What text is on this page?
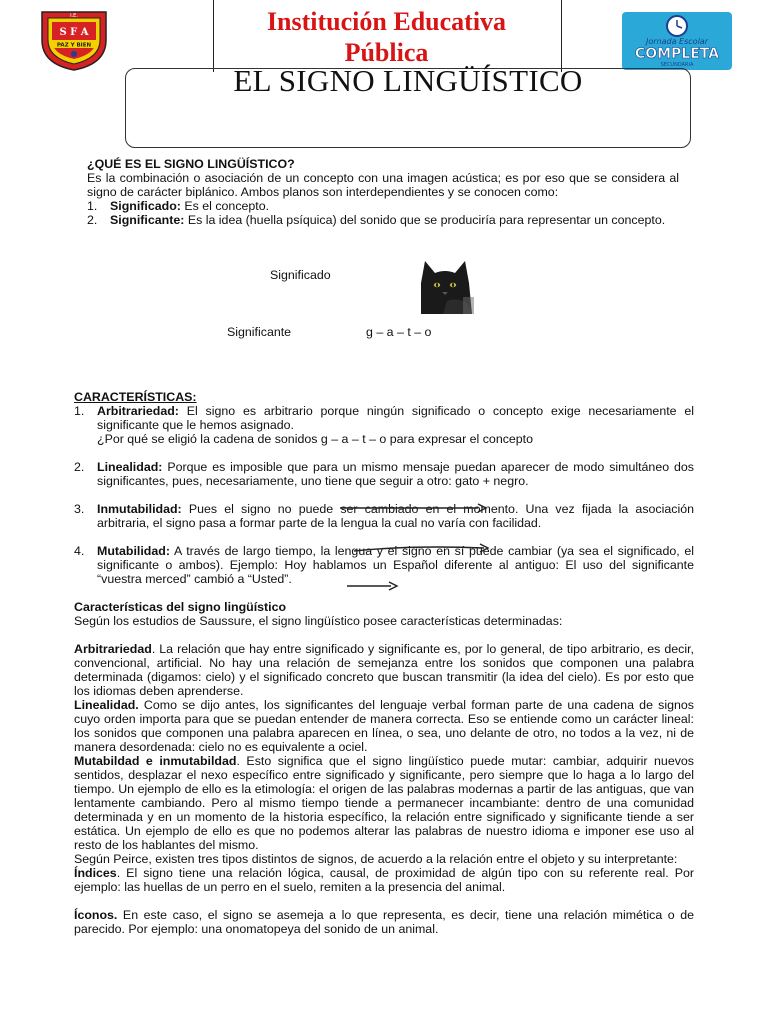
Institución Educativa
Pública
I.E.
S F A
PAZ Y BIEN	Jornada Escolar
COMPLETA
SECUNDARIA
EL SIGNO LINGÜÍSTICO

¿QUÉ ES EL SIGNO LINGÜÍSTICO?

Es la combinación o asociación de un concepto con una imagen acústica; es por eso que se considera al signo de carácter biplánico. Ambos planos son interdependientes y se conocen como:

1. Significado: Es el concepto.
2. Significante: Es la idea (huella psíquica) del sonido que se produciría para representar un concepto.
Significado
Significante	g – a – t – o

CARACTERÍSTICAS:

1. Arbitrariedad: El signo es arbitrario porque ningún significado o concepto exige necesariamente el significante que le hemos asignado.
¿Por qué se eligió la cadena de sonidos g – a – t – o para expresar el concepto
2. Linealidad: Porque es imposible que para un mismo mensaje puedan aparecer de modo simultáneo dos significantes, pues, necesariamente, uno tiene que seguir a otro: gato + negro.
3. Inmutabilidad: Pues el signo no puede ser cambiado en el momento. Una vez fijada la asociación arbitraria, el signo pasa a formar parte de la lengua la cual no varía con facilidad.
4. Mutabilidad: A través de largo tiempo, la lengua y el signo en sí puede cambiar (ya sea el significado, el significante o ambos). Ejemplo: Hoy hablamos un Español diferente al antiguo: El uso del significante “vuestra merced” cambió a “Usted”.

Características del signo lingüístico

Según los estudios de Saussure, el signo lingüístico posee características determinadas:

Arbitrariedad. La relación que hay entre significado y significante es, por lo general, de tipo arbitrario, es decir, convencional, artificial. No hay una relación de semejanza entre los sonidos que componen una palabra determinada (digamos: cielo) y el significado concreto que buscan transmitir (la idea del cielo). Es por esto que los idiomas deben aprenderse.

Linealidad. Como se dijo antes, los significantes del lenguaje verbal forman parte de una cadena de signos cuyo orden importa para que se puedan entender de manera correcta. Eso se entiende como un carácter lineal: los sonidos que componen una palabra aparecen en línea, o sea, uno delante de otro, no todos a la vez, ni de manera desordenada: cielo no es equivalente a ociel.

Mutabildad e inmutabildad. Esto significa que el signo lingüístico puede mutar: cambiar, adquirir nuevos sentidos, desplazar el nexo específico entre significado y significante, pero siempre que lo haga a lo largo del tiempo. Un ejemplo de ello es la etimología: el origen de las palabras modernas a partir de las antiguas, que van lentamente cambiando. Pero al mismo tiempo tiende a permanecer incambiante: dentro de una comunidad determinada y en un momento de la historia específico, la relación entre significado y significante tiende a ser estática. Un ejemplo de ello es que no podemos alterar las palabras de nuestro idioma e imponer ese uso al resto de los hablantes del mismo.

Según Peirce, existen tres tipos distintos de signos, de acuerdo a la relación entre el objeto y su interpretante:

Índices. El signo tiene una relación lógica, causal, de proximidad de algún tipo con su referente real. Por ejemplo: las huellas de un perro en el suelo, remiten a la presencia del animal.

Íconos. En este caso, el signo se asemeja a lo que representa, es decir, tiene una relación mimética o de parecido. Por ejemplo: una onomatopeya del sonido de un animal.
